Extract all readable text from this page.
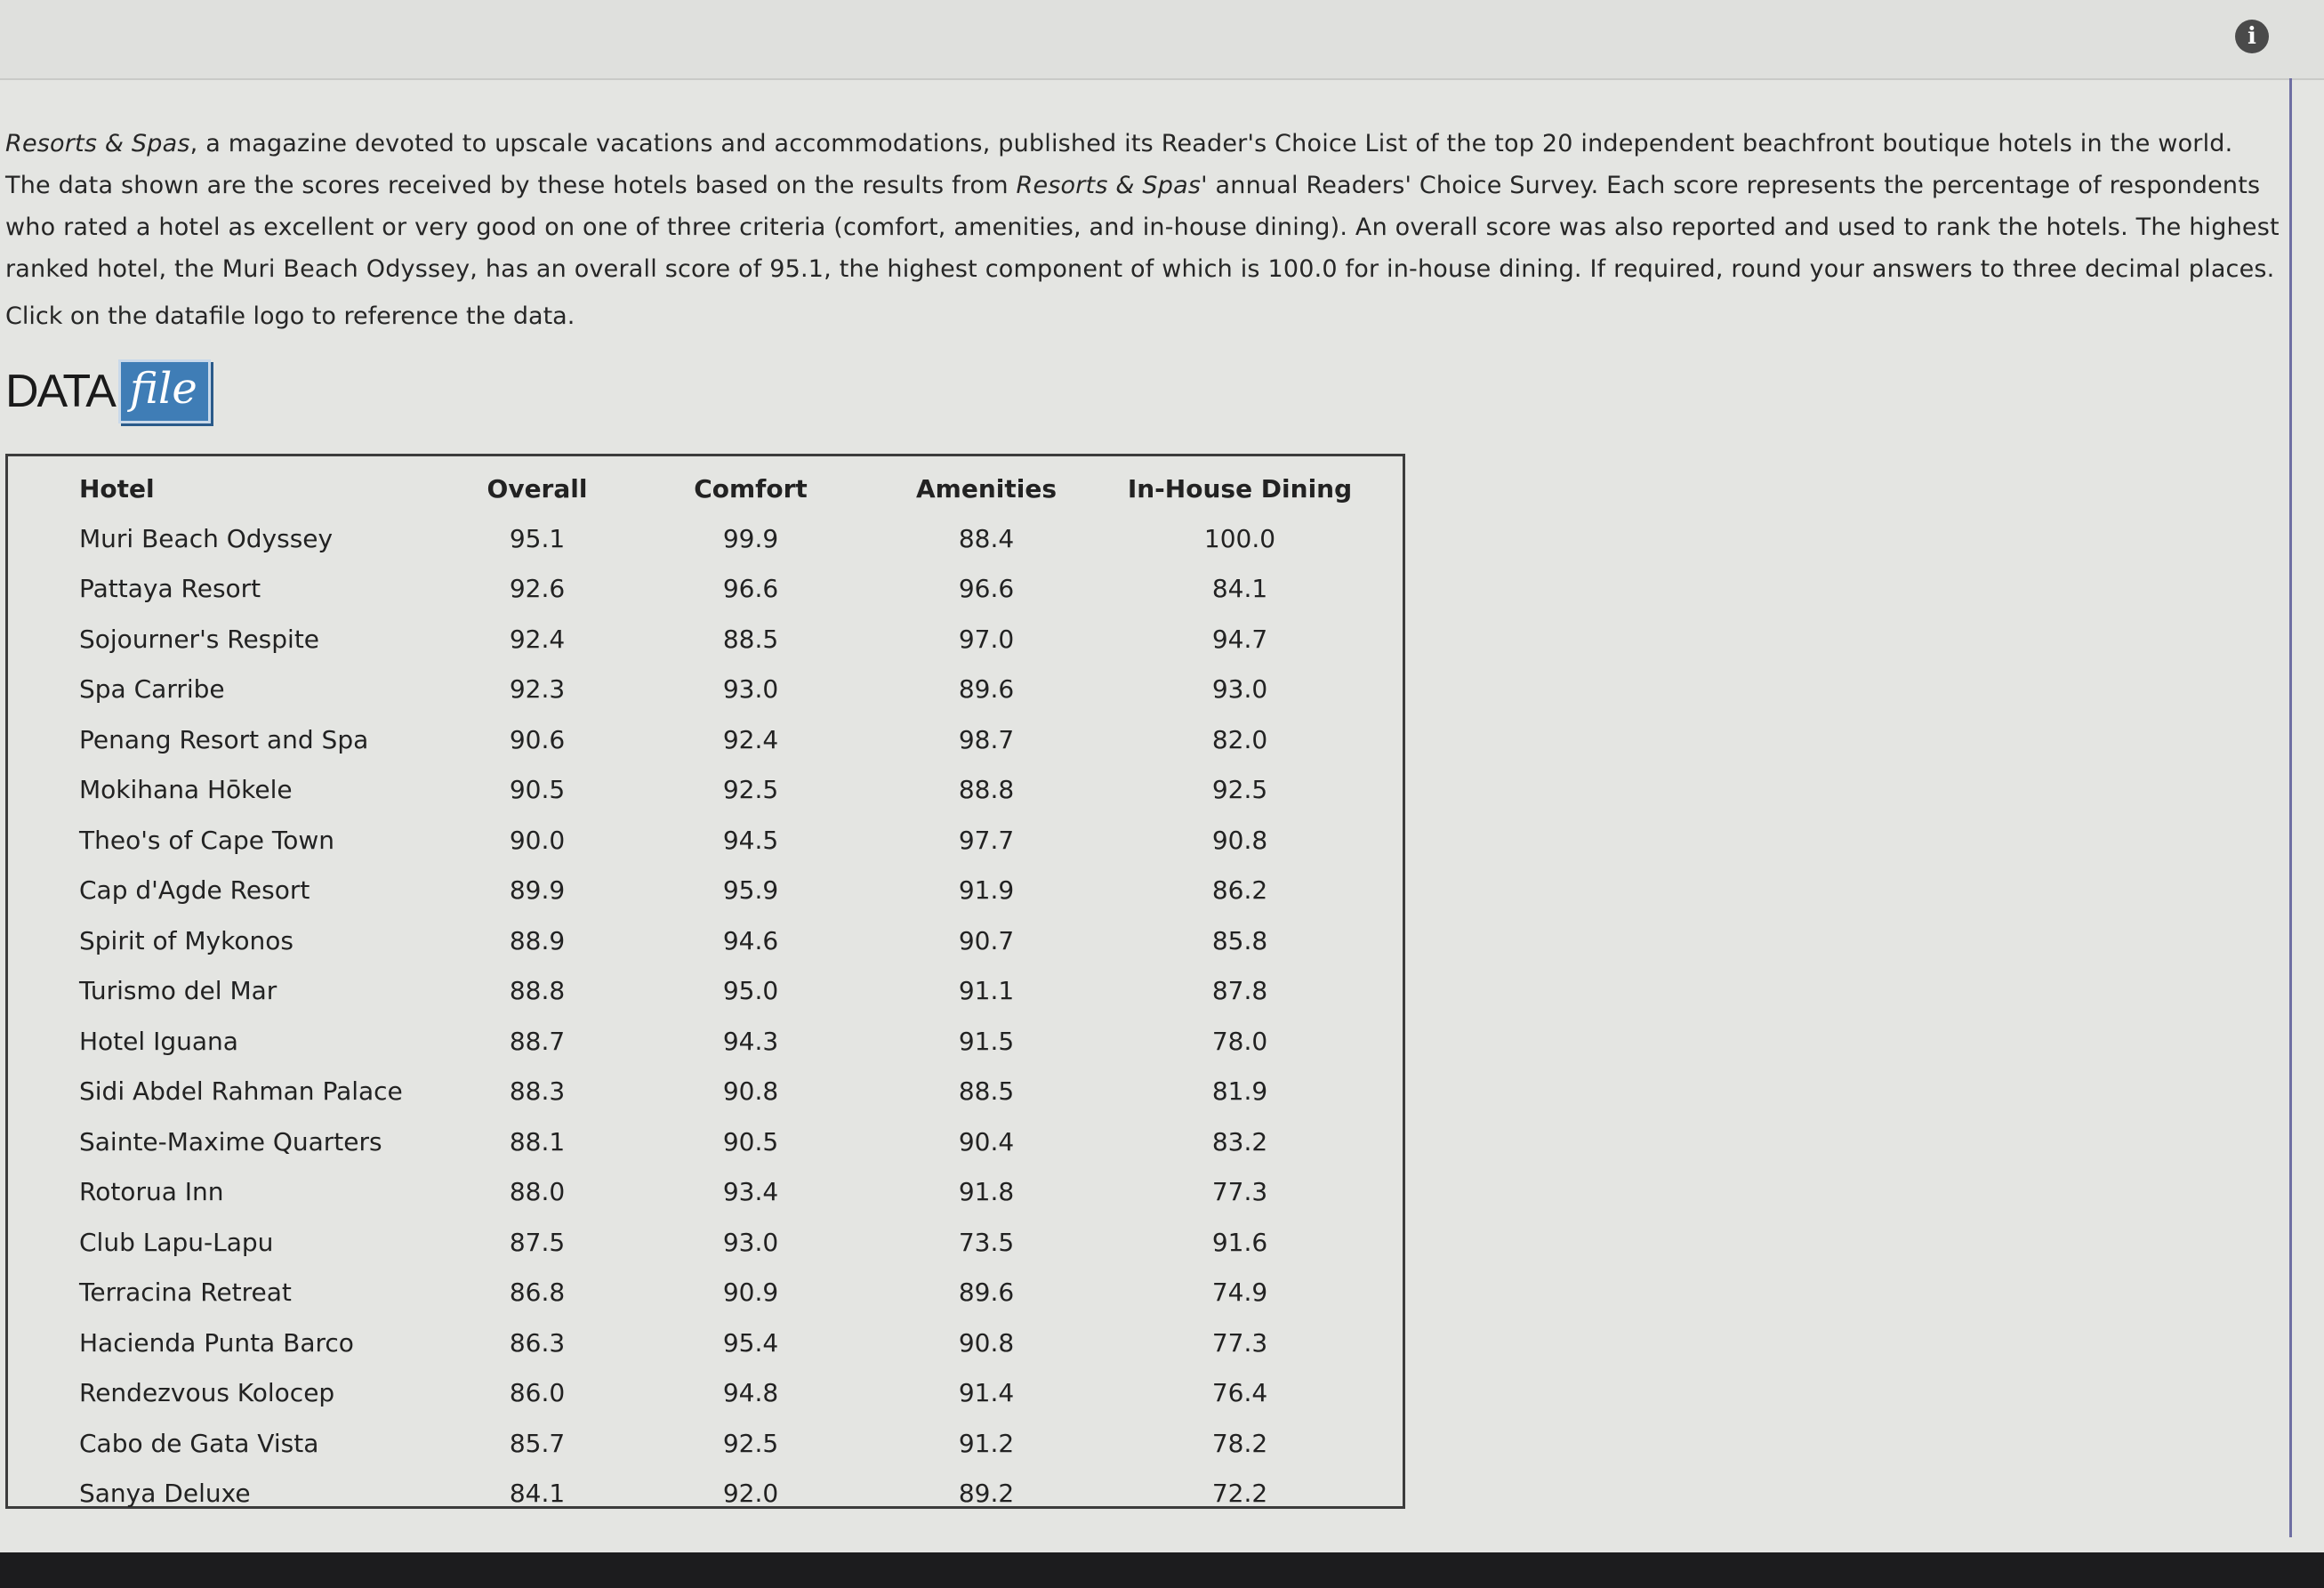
i

Resorts & Spas, a magazine devoted to upscale vacations and accommodations, published its Reader's Choice List of the top 20 independent beachfront boutique hotels in the world. The data shown are the scores received by these hotels based on the results from Resorts & Spas' annual Readers' Choice Survey. Each score represents the percentage of respondents who rated a hotel as excellent or very good on one of three criteria (comfort, amenities, and in-house dining). An overall score was also reported and used to rank the hotels. The highest ranked hotel, the Muri Beach Odyssey, has an overall score of 95.1, the highest component of which is 100.0 for in-house dining. If required, round your answers to three decimal places.

Click on the datafile logo to reference the data.

DATA file
Hotel	Overall	Comfort	Amenities	In-House Dining
Muri Beach Odyssey	95.1	99.9	88.4	100.0
Pattaya Resort	92.6	96.6	96.6	84.1
Sojourner's Respite	92.4	88.5	97.0	94.7
Spa Carribe	92.3	93.0	89.6	93.0
Penang Resort and Spa	90.6	92.4	98.7	82.0
Mokihana Hōkele	90.5	92.5	88.8	92.5
Theo's of Cape Town	90.0	94.5	97.7	90.8
Cap d'Agde Resort	89.9	95.9	91.9	86.2
Spirit of Mykonos	88.9	94.6	90.7	85.8
Turismo del Mar	88.8	95.0	91.1	87.8
Hotel Iguana	88.7	94.3	91.5	78.0
Sidi Abdel Rahman Palace	88.3	90.8	88.5	81.9
Sainte-Maxime Quarters	88.1	90.5	90.4	83.2
Rotorua Inn	88.0	93.4	91.8	77.3
Club Lapu-Lapu	87.5	93.0	73.5	91.6
Terracina Retreat	86.8	90.9	89.6	74.9
Hacienda Punta Barco	86.3	95.4	90.8	77.3
Rendezvous Kolocep	86.0	94.8	91.4	76.4
Cabo de Gata Vista	85.7	92.5	91.2	78.2
Sanya Deluxe	84.1	92.0	89.2	72.2
